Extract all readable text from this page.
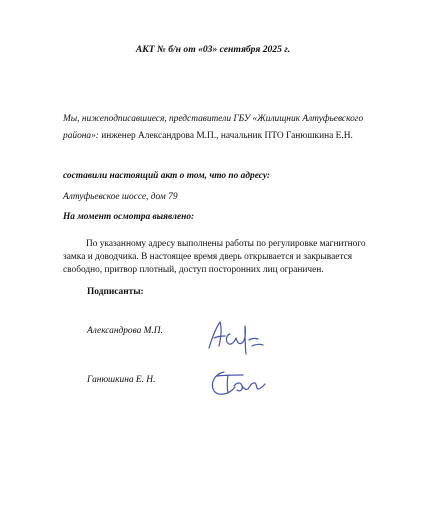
АКТ № б/н от «03» сентября 2025 г.
Мы, нижеподписавшиеся, представители ГБУ «Жилищник Алтуфьевского
района»: инженер Александрова М.П., начальник ПТО Ганюшкина Е.Н.
составили настоящий акт о том, что по адресу:
Алтуфьевское шоссе, дом 79
На момент осмотра выявлено:
По указанному адресу выполнены работы по регулировке магнитного
замка и доводчика. В настоящее время дверь открывается и закрывается
свободно, притвор плотный, доступ посторонних лиц ограничен.
Подписанты:
Александрова М.П.
Ганюшкина Е. Н.
